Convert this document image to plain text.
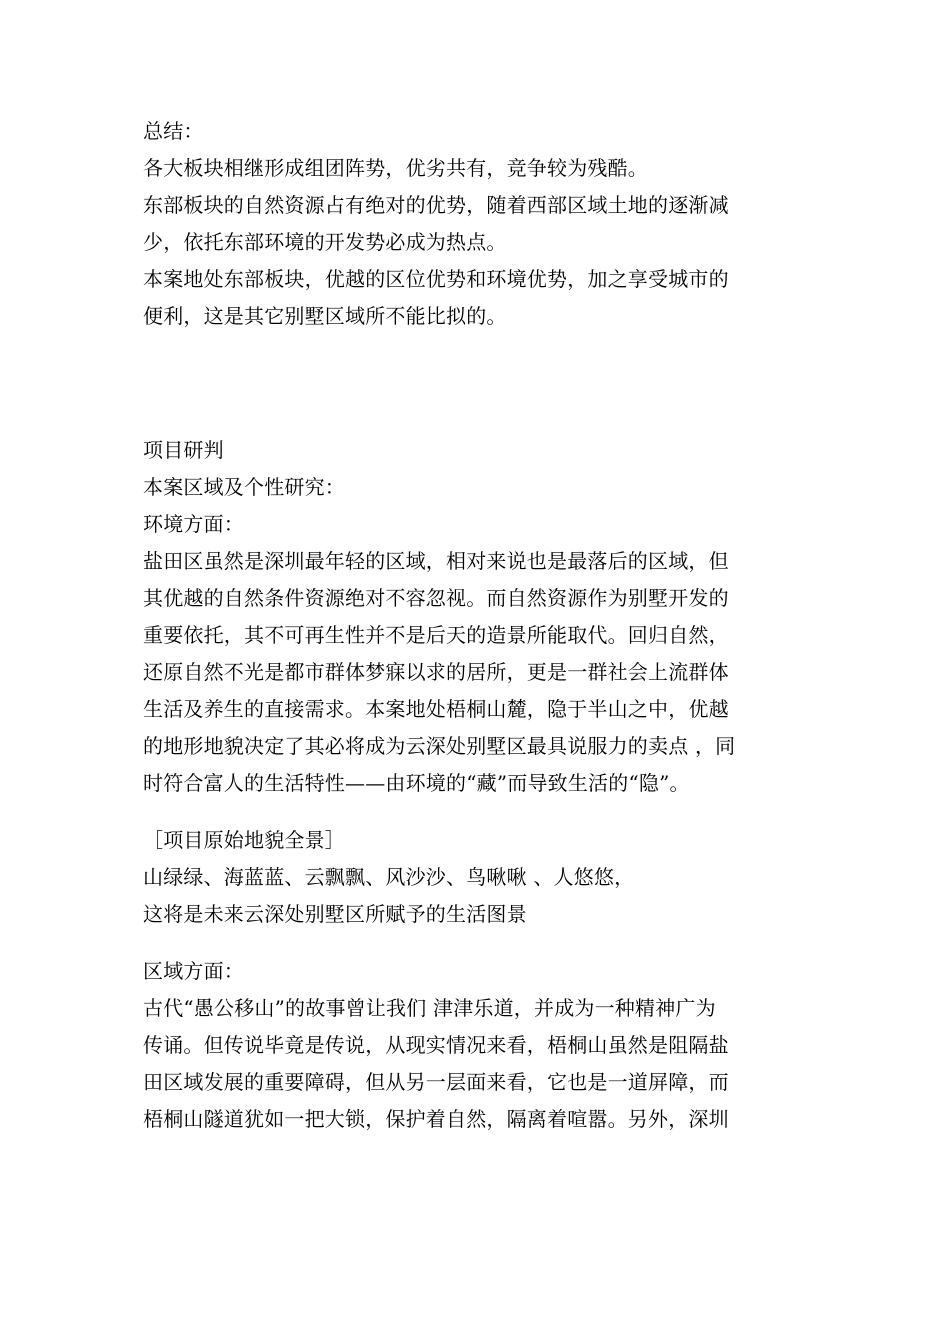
总结：
各大板块相继形成组团阵势，优劣共有，竞争较为残酷。
东部板块的自然资源占有绝对的优势，随着西部区域土地的逐渐减
少，依托东部环境的开发势必成为热点。
本案地处东部板块，优越的区位优势和环境优势，加之享受城市的
便利，这是其它别墅区域所不能比拟的。
项目研判
本案区域及个性研究：
环境方面：
盐田区虽然是深圳最年轻的区域，相对来说也是最落后的区域，但
其优越的自然条件资源绝对不容忽视。而自然资源作为别墅开发的
重要依托，其不可再生性并不是后天的造景所能取代。回归自然，
还原自然不光是都市群体梦寐以求的居所，更是一群社会上流群体
生活及养生的直接需求。本案地处梧桐山麓，隐于半山之中，优越
的地形地貌决定了其必将成为云深处别墅区最具说服力的卖点 ，同
时符合富人的生活特性——由环境的“藏”而导致生活的“隐”。
［项目原始地貌全景］
山绿绿、海蓝蓝、云飘飘、风沙沙、鸟啾啾 、人悠悠，
这将是未来云深处别墅区所赋予的生活图景
区域方面：
古代“愚公移山”的故事曾让我们 津津乐道，并成为一种精神广为
传诵。但传说毕竟是传说，从现实情况来看，梧桐山虽然是阻隔盐
田区域发展的重要障碍，但从另一层面来看，它也是一道屏障，而
梧桐山隧道犹如一把大锁，保护着自然，隔离着喧嚣。另外，深圳
